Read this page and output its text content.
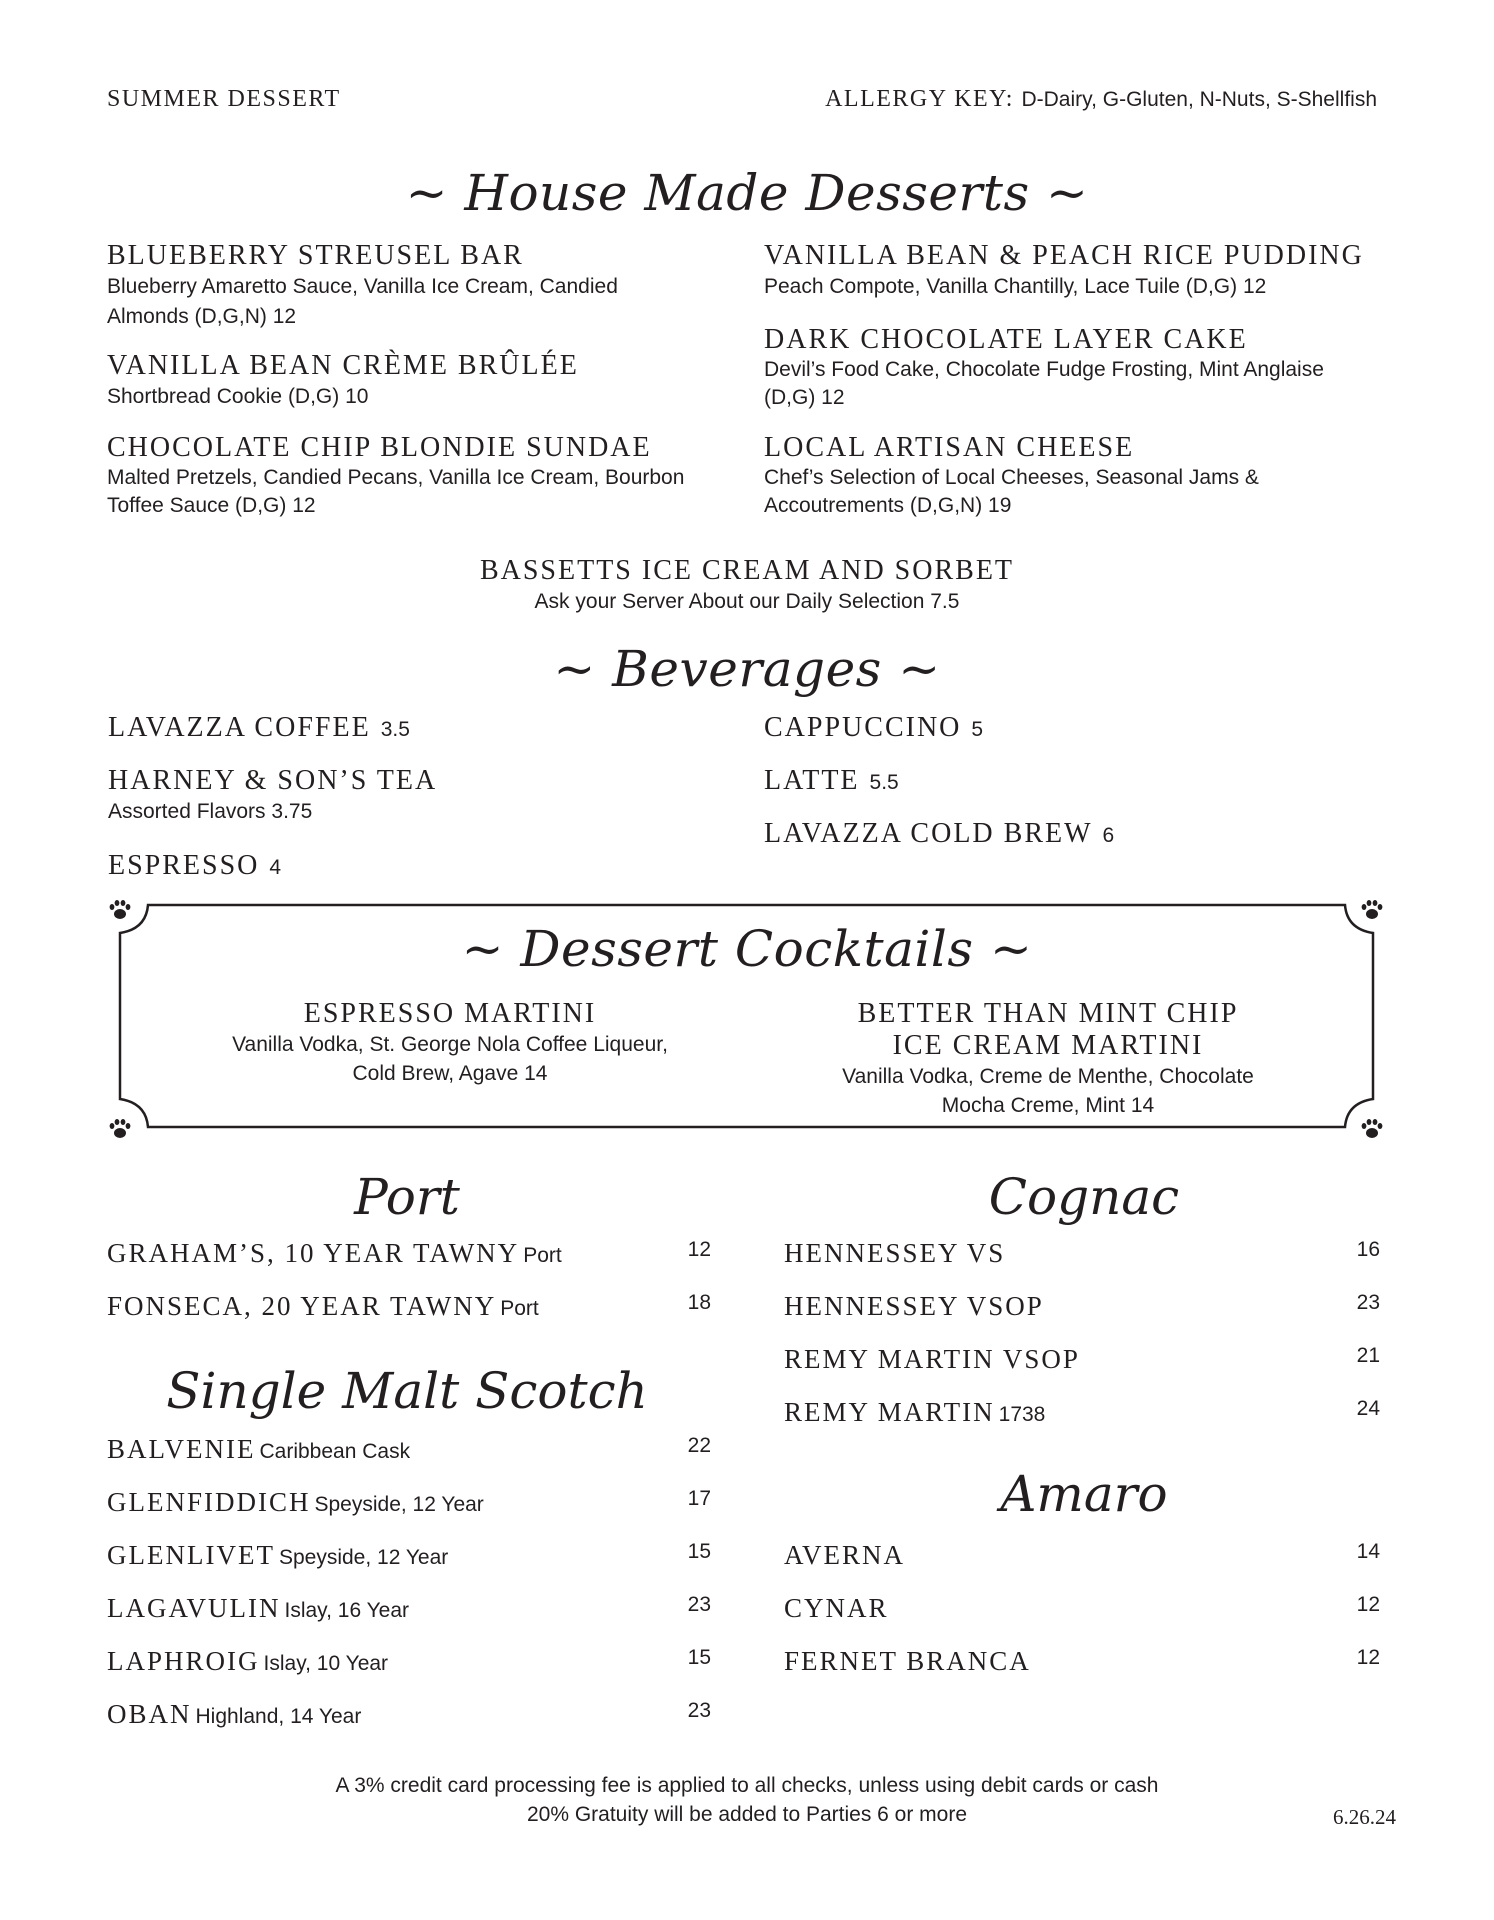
SUMMER DESSERT	ALLERGY KEY: D-Dairy, G-Gluten, N-Nuts, S-Shellfish
~ House Made Desserts ~
BLUEBERRY STREUSEL BAR
Blueberry Amaretto Sauce, Vanilla Ice Cream, Candied
Almonds (D,G,N) 12
VANILLA BEAN CRÈME BRÛLÉE
Shortbread Cookie (D,G) 10
CHOCOLATE CHIP BLONDIE SUNDAE
Malted Pretzels, Candied Pecans, Vanilla Ice Cream, Bourbon
Toffee Sauce (D,G) 12
VANILLA BEAN & PEACH RICE PUDDING
Peach Compote, Vanilla Chantilly, Lace Tuile (D,G) 12
DARK CHOCOLATE LAYER CAKE
Devil’s Food Cake, Chocolate Fudge Frosting, Mint Anglaise
(D,G) 12
LOCAL ARTISAN CHEESE
Chef’s Selection of Local Cheeses, Seasonal Jams &
Accoutrements (D,G,N) 19
BASSETTS ICE CREAM AND SORBET
Ask your Server About our Daily Selection 7.5
~ Beverages ~
LAVAZZA COFFEE 3.5
HARNEY & SON’S TEA
Assorted Flavors 3.75
ESPRESSO 4
CAPPUCCINO 5
LATTE 5.5
LAVAZZA COLD BREW 6
~ Dessert Cocktails ~
ESPRESSO MARTINI
Vanilla Vodka, St. George Nola Coffee Liqueur,
Cold Brew, Agave 14
BETTER THAN MINT CHIP
ICE CREAM MARTINI
Vanilla Vodka, Creme de Menthe, Chocolate
Mocha Creme, Mint 14
Port
GRAHAM’S, 10 YEAR TAWNY Port	12
FONSECA, 20 YEAR TAWNY Port	18
Single Malt Scotch
BALVENIE Caribbean Cask	22
GLENFIDDICH Speyside, 12 Year	17
GLENLIVET Speyside, 12 Year	15
LAGAVULIN Islay, 16 Year	23
LAPHROIG Islay, 10 Year	15
OBAN Highland, 14 Year	23
Cognac
HENNESSEY VS	16
HENNESSEY VSOP	23
REMY MARTIN VSOP	21
REMY MARTIN 1738	24
Amaro
AVERNA	14
CYNAR	12
FERNET BRANCA	12
A 3% credit card processing fee is applied to all checks, unless using debit cards or cash
20% Gratuity will be added to Parties 6 or more	6.26.24
